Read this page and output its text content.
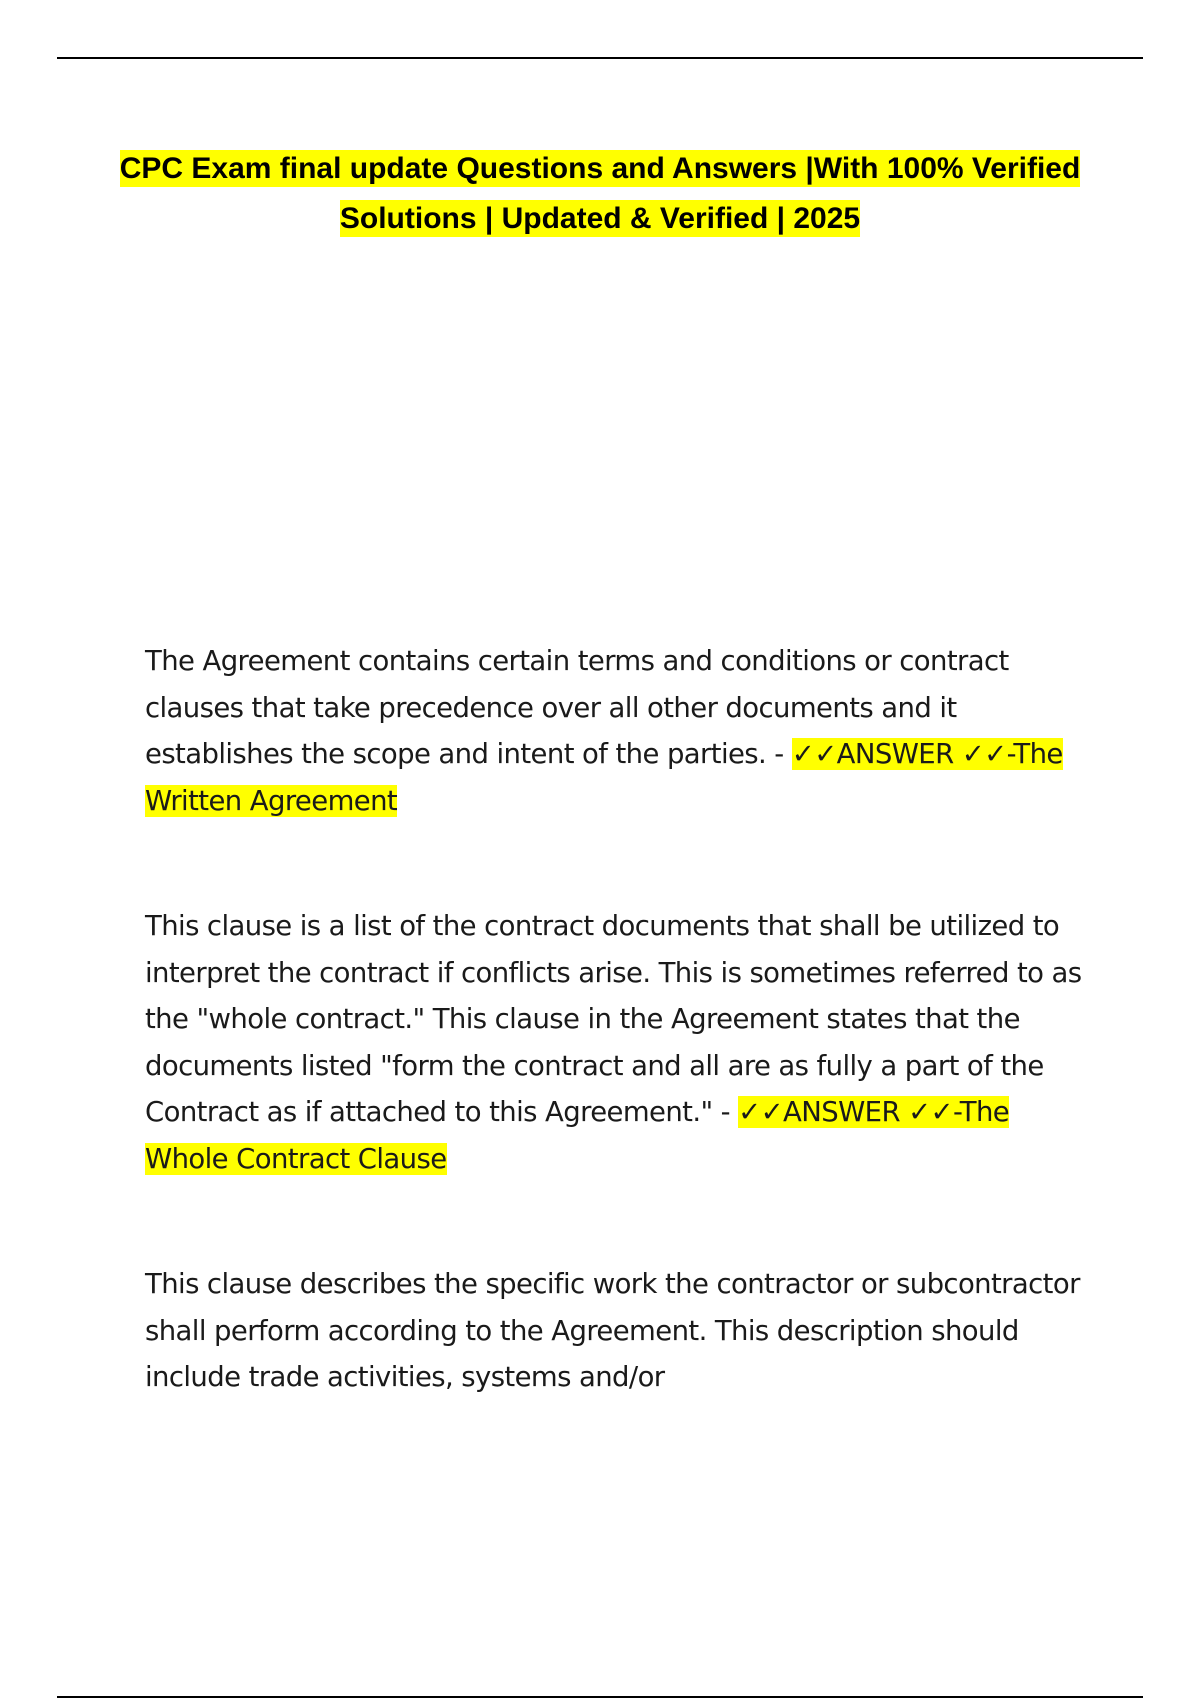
CPC Exam final update Questions and Answers |With 100% Verified Solutions | Updated & Verified | 2025

The Agreement contains certain terms and conditions or contract clauses that take precedence over all other documents and it establishes the scope and intent of the parties. - ✓✓ANSWER ✓✓-The Written Agreement

This clause is a list of the contract documents that shall be utilized to interpret the contract if conflicts arise. This is sometimes referred to as the "whole contract." This clause in the Agreement states that the documents listed "form the contract and all are as fully a part of the Contract as if attached to this Agreement." - ✓✓ANSWER ✓✓-The Whole Contract Clause

This clause describes the specific work the contractor or subcontractor shall perform according to the Agreement. This description should include trade activities, systems and/or
